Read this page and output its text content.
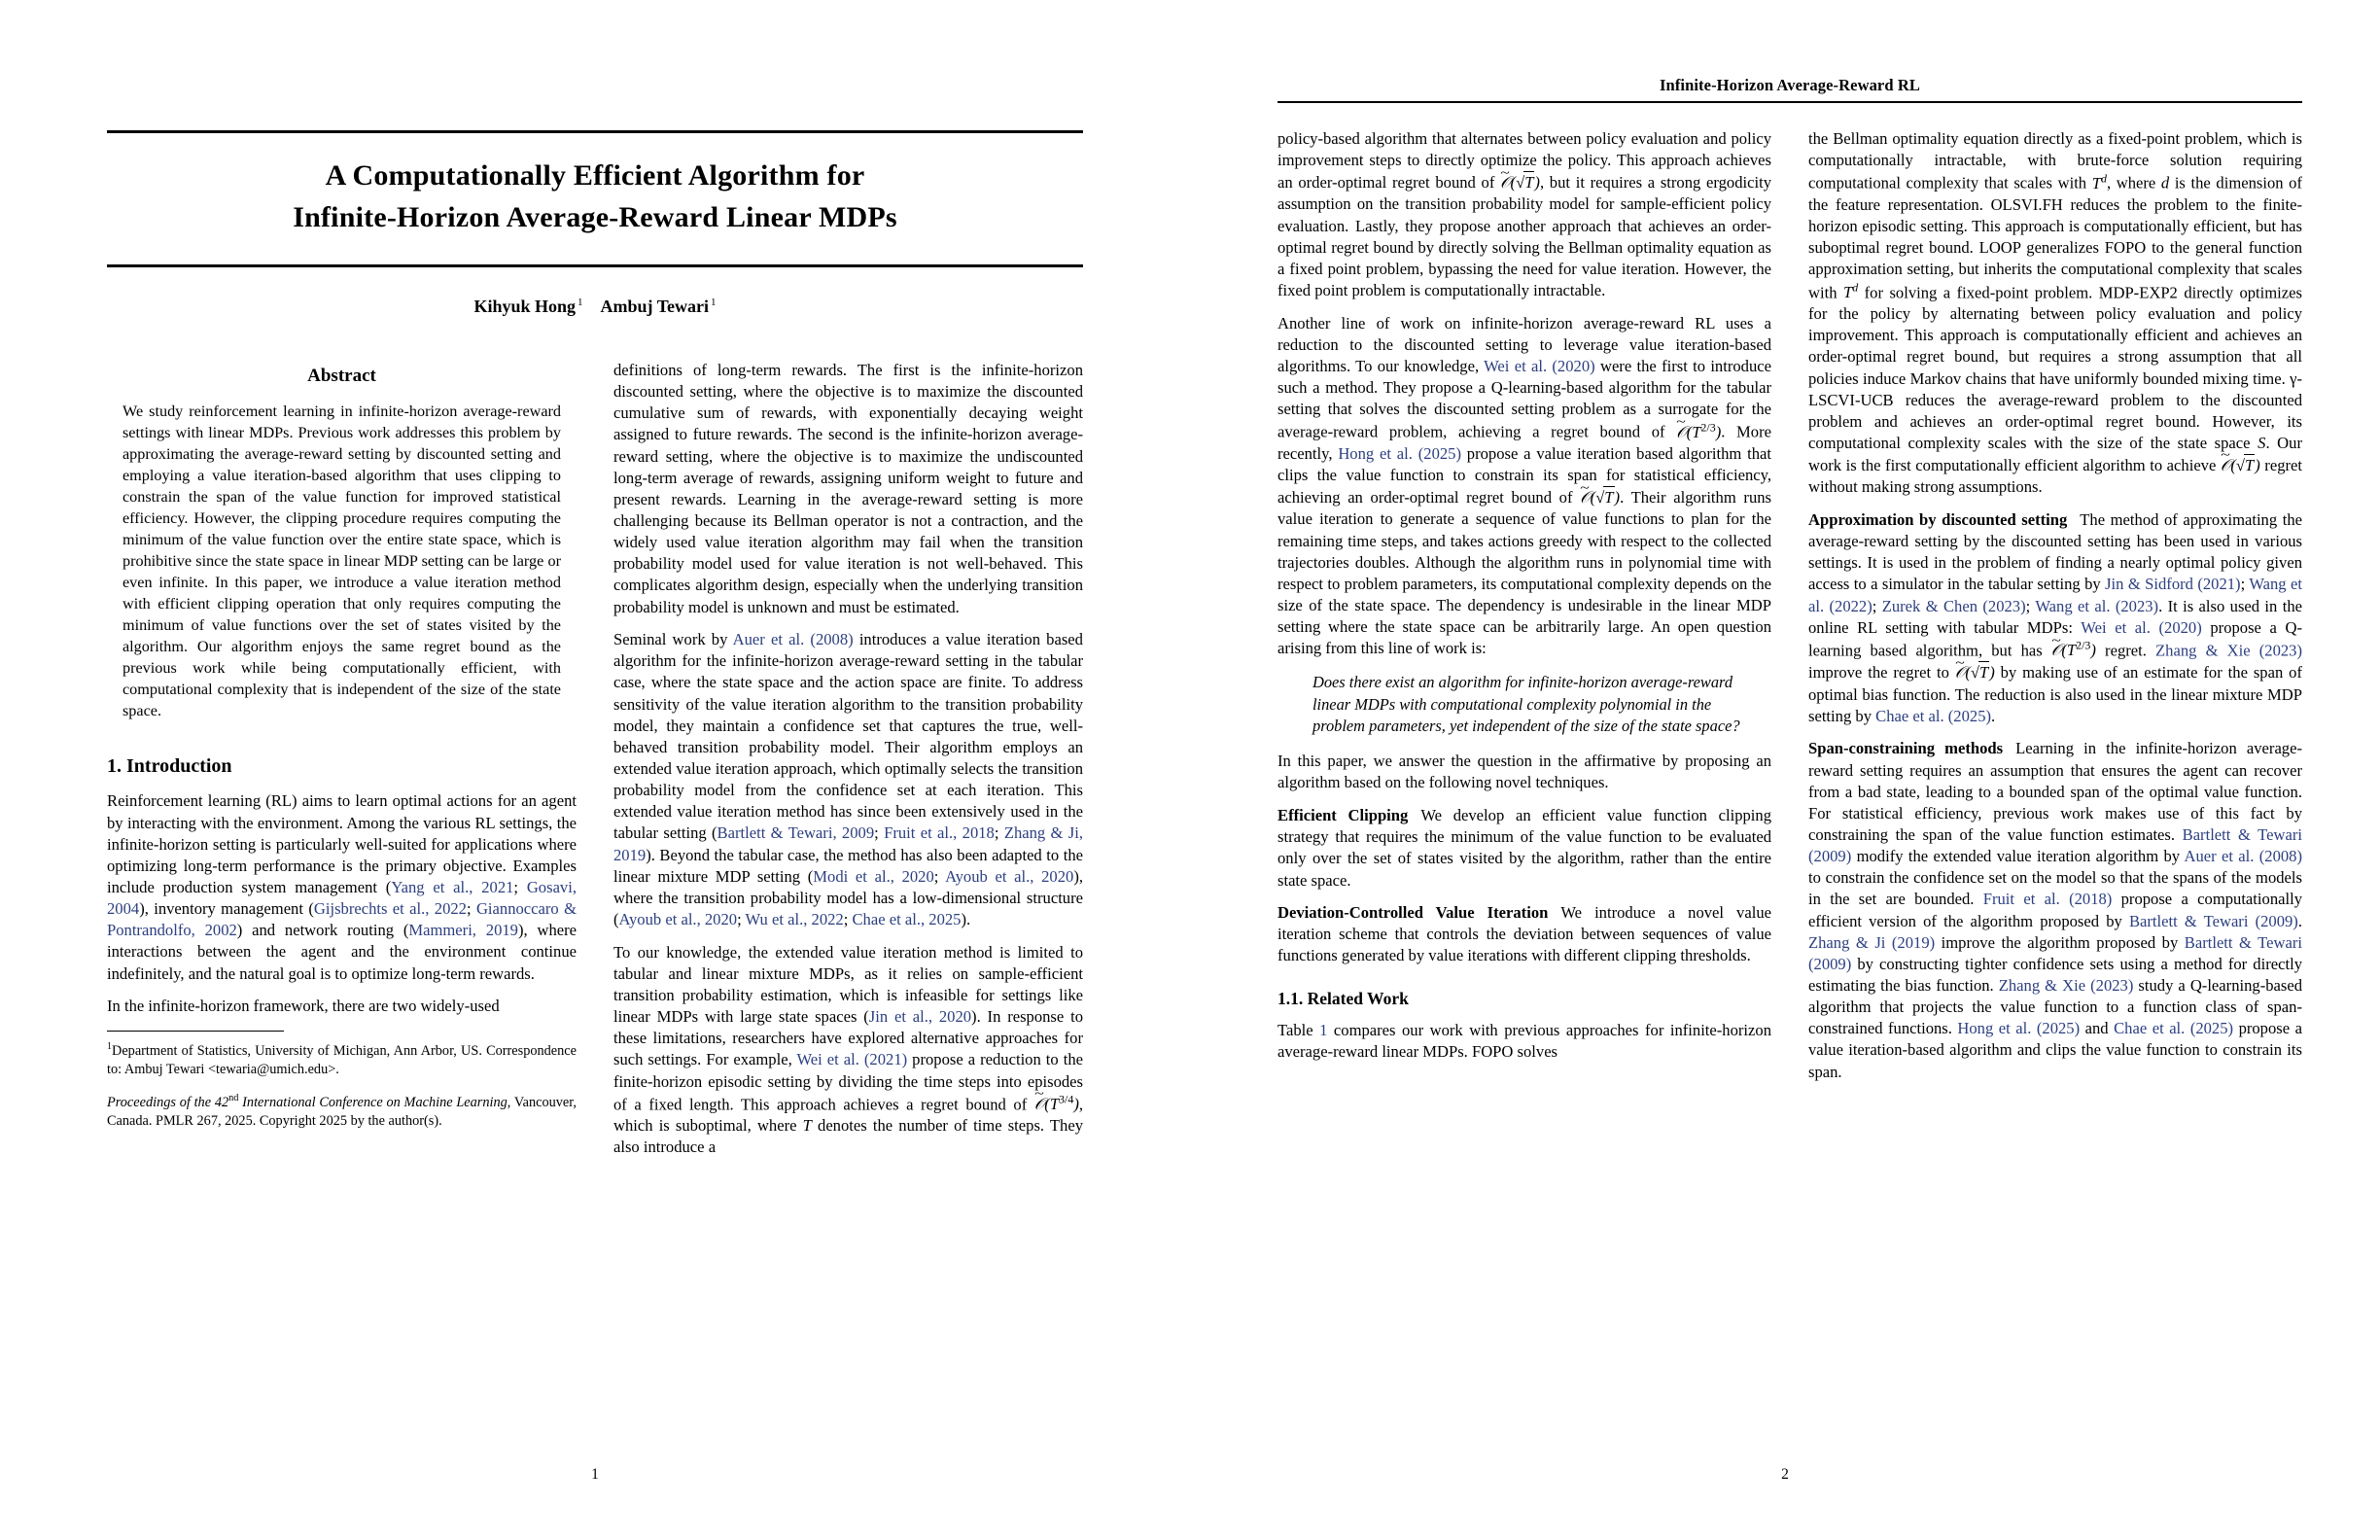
A Computationally Efficient Algorithm for
Infinite-Horizon Average-Reward Linear MDPs
Kihyuk Hong $^1$ Ambuj Tewari $^1$
Abstract

We study reinforcement learning in infinite-horizon average-reward settings with linear MDPs. Previous work addresses this problem by approximating the average-reward setting by discounted setting and employing a value iteration-based algorithm that uses clipping to constrain the span of the value function for improved statistical efficiency. However, the clipping procedure requires computing the minimum of the value function over the entire state space, which is prohibitive since the state space in linear MDP setting can be large or even infinite. In this paper, we introduce a value iteration method with efficient clipping operation that only requires computing the minimum of value functions over the set of states visited by the algorithm. Our algorithm enjoys the same regret bound as the previous work while being computationally efficient, with computational complexity that is independent of the size of the state space.

1. Introduction

Reinforcement learning (RL) aims to learn optimal actions for an agent by interacting with the environment. Among the various RL settings, the infinite-horizon setting is particularly well-suited for applications where optimizing long-term performance is the primary objective. Examples include production system management (Yang et al., 2021; Gosavi, 2004), inventory management (Gijsbrechts et al., 2022; Giannoccaro & Pontrandolfo, 2002) and network routing (Mammeri, 2019), where interactions between the agent and the environment continue indefinitely, and the natural goal is to optimize long-term rewards.

In the infinite-horizon framework, there are two widely-used

$^1$Department of Statistics, University of Michigan, Ann Arbor, US. Correspondence to: Ambuj Tewari <tewaria@umich.edu>.

Proceedings of the 42nd International Conference on Machine Learning, Vancouver, Canada. PMLR 267, 2025. Copyright 2025 by the author(s).

definitions of long-term rewards. The first is the infinite-horizon discounted setting, where the objective is to maximize the discounted cumulative sum of rewards, with exponentially decaying weight assigned to future rewards. The second is the infinite-horizon average-reward setting, where the objective is to maximize the undiscounted long-term average of rewards, assigning uniform weight to future and present rewards. Learning in the average-reward setting is more challenging because its Bellman operator is not a contraction, and the widely used value iteration algorithm may fail when the transition probability model used for value iteration is not well-behaved. This complicates algorithm design, especially when the underlying transition probability model is unknown and must be estimated.

Seminal work by Auer et al. (2008) introduces a value iteration based algorithm for the infinite-horizon average-reward setting in the tabular case, where the state space and the action space are finite. To address sensitivity of the value iteration algorithm to the transition probability model, they maintain a confidence set that captures the true, well-behaved transition probability model. Their algorithm employs an extended value iteration approach, which optimally selects the transition probability model from the confidence set at each iteration. This extended value iteration method has since been extensively used in the tabular setting (Bartlett & Tewari, 2009; Fruit et al., 2018; Zhang & Ji, 2019). Beyond the tabular case, the method has also been adapted to the linear mixture MDP setting (Modi et al., 2020; Ayoub et al., 2020), where the transition probability model has a low-dimensional structure (Ayoub et al., 2020; Wu et al., 2022; Chae et al., 2025).

To our knowledge, the extended value iteration method is limited to tabular and linear mixture MDPs, as it relies on sample-efficient transition probability estimation, which is infeasible for settings like linear MDPs with large state spaces (Jin et al., 2020). In response to these limitations, researchers have explored alternative approaches for such settings. For example, Wei et al. (2021) propose a reduction to the finite-horizon episodic setting by dividing the time steps into episodes of a fixed length. This approach achieves a regret bound of ~ $𝒪(T^{3/4})$, which is suboptimal, where T denotes the number of time steps. They also introduce a

1
Infinite-Horizon Average-Reward RL

policy-based algorithm that alternates between policy evaluation and policy improvement steps to directly optimize the policy. This approach achieves an order-optimal regret bound of ~ 𝒪(√T), but it requires a strong ergodicity assumption on the transition probability model for sample-efficient policy evaluation. Lastly, they propose another approach that achieves an order-optimal regret bound by directly solving the Bellman optimality equation as a fixed point problem, bypassing the need for value iteration. However, the fixed point problem is computationally intractable.

Another line of work on infinite-horizon average-reward RL uses a reduction to the discounted setting to leverage value iteration-based algorithms. To our knowledge, Wei et al. (2020) were the first to introduce such a method. They propose a Q-learning-based algorithm for the tabular setting that solves the discounted setting problem as a surrogate for the average-reward problem, achieving a regret bound of ~ $𝒪(T^{2/3})$. More recently, Hong et al. (2025) propose a value iteration based algorithm that clips the value function to constrain its span for statistical efficiency, achieving an order-optimal regret bound of ~ 𝒪(√T). Their algorithm runs value iteration to generate a sequence of value functions to plan for the remaining time steps, and takes actions greedy with respect to the collected trajectories doubles. Although the algorithm runs in polynomial time with respect to problem parameters, its computational complexity depends on the size of the state space. The dependency is undesirable in the linear MDP setting where the state space can be arbitrarily large. An open question arising from this line of work is:

Does there exist an algorithm for infinite-horizon average-reward linear MDPs with computational complexity polynomial in the problem parameters, yet independent of the size of the state space?

In this paper, we answer the question in the affirmative by proposing an algorithm based on the following novel techniques.

Efficient Clipping We develop an efficient value function clipping strategy that requires the minimum of the value function to be evaluated only over the set of states visited by the algorithm, rather than the entire state space.

Deviation-Controlled Value Iteration We introduce a novel value iteration scheme that controls the deviation between sequences of value functions generated by value iterations with different clipping thresholds.

1.1. Related Work

Table 1 compares our work with previous approaches for infinite-horizon average-reward linear MDPs. FOPO solves

the Bellman optimality equation directly as a fixed-point problem, which is computationally intractable, with brute-force solution requiring computational complexity that scales with $T^d$, where d is the dimension of the feature representation. OLSVI.FH reduces the problem to the finite-horizon episodic setting. This approach is computationally efficient, but has suboptimal regret bound. LOOP generalizes FOPO to the general function approximation setting, but inherits the computational complexity that scales with $T^d$ for solving a fixed-point problem. MDP-EXP2 directly optimizes for the policy by alternating between policy evaluation and policy improvement. This approach is computationally efficient and achieves an order-optimal regret bound, but requires a strong assumption that all policies induce Markov chains that have uniformly bounded mixing time. γ-LSCVI-UCB reduces the average-reward problem to the discounted problem and achieves an order-optimal regret bound. However, its computational complexity scales with the size of the state space S. Our work is the first computationally efficient algorithm to achieve ~ 𝒪(√T) regret without making strong assumptions.

Approximation by discounted setting The method of approximating the average-reward setting by the discounted setting has been used in various settings. It is used in the problem of finding a nearly optimal policy given access to a simulator in the tabular setting by Jin & Sidford (2021); Wang et al. (2022); Zurek & Chen (2023); Wang et al. (2023). It is also used in the online RL setting with tabular MDPs: Wei et al. (2020) propose a Q-learning based algorithm, but has ~ $𝒪(T^{2/3})$ regret. Zhang & Xie (2023) improve the regret to ~ 𝒪(√T) by making use of an estimate for the span of optimal bias function. The reduction is also used in the linear mixture MDP setting by Chae et al. (2025).

Span-constraining methods Learning in the infinite-horizon average-reward setting requires an assumption that ensures the agent can recover from a bad state, leading to a bounded span of the optimal value function. For statistical efficiency, previous work makes use of this fact by constraining the span of the value function estimates. Bartlett & Tewari (2009) modify the extended value iteration algorithm by Auer et al. (2008) to constrain the confidence set on the model so that the spans of the models in the set are bounded. Fruit et al. (2018) propose a computationally efficient version of the algorithm proposed by Bartlett & Tewari (2009). Zhang & Ji (2019) improve the algorithm proposed by Bartlett & Tewari (2009) by constructing tighter confidence sets using a method for directly estimating the bias function. Zhang & Xie (2023) study a Q-learning-based algorithm that projects the value function to a function class of span-constrained functions. Hong et al. (2025) and Chae et al. (2025) propose a value iteration-based algorithm and clips the value function to constrain its span.

2
